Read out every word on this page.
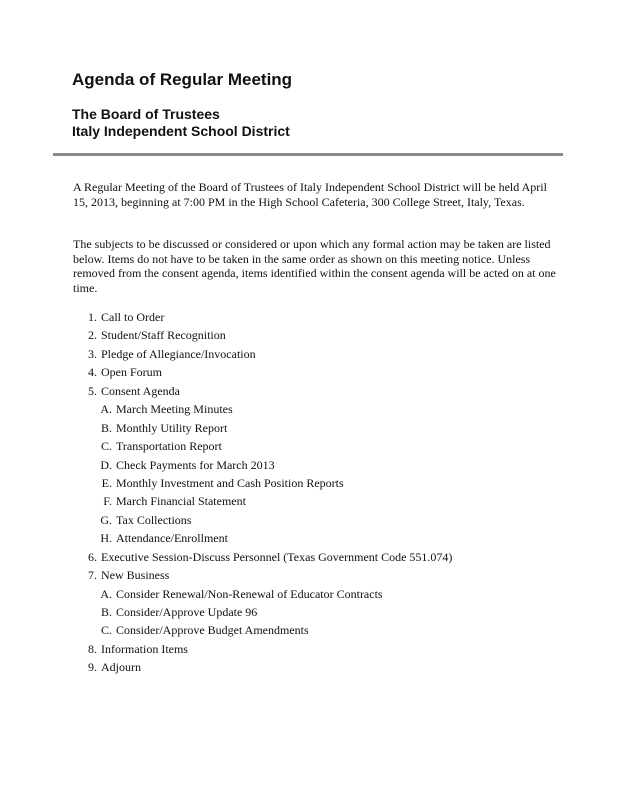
Agenda of Regular Meeting
The Board of Trustees
Italy Independent School District

A Regular Meeting of the Board of Trustees of Italy Independent School District will be held April 15, 2013, beginning at 7:00 PM in the High School Cafeteria, 300 College Street, Italy, Texas.

The subjects to be discussed or considered or upon which any formal action may be taken are listed below. Items do not have to be taken in the same order as shown on this meeting notice. Unless removed from the consent agenda, items identified within the consent agenda will be acted on at one time.

1. Call to Order
2. Student/Staff Recognition
3. Pledge of Allegiance/Invocation
4. Open Forum
5. Consent Agenda
A. March Meeting Minutes
B. Monthly Utility Report
C. Transportation Report
D. Check Payments for March 2013
E. Monthly Investment and Cash Position Reports
F. March Financial Statement
G. Tax Collections
H. Attendance/Enrollment
6. Executive Session-Discuss Personnel (Texas Government Code 551.074)
7. New Business
A. Consider Renewal/Non-Renewal of Educator Contracts
B. Consider/Approve Update 96
C. Consider/Approve Budget Amendments
8. Information Items
9. Adjourn
